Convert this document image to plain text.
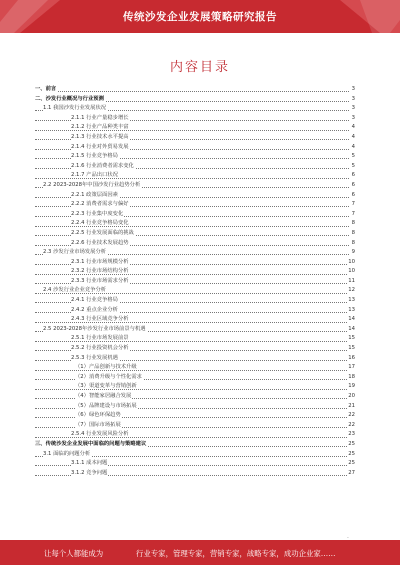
传统沙发企业发展策略研究报告
内容目录
一、前言	3
二、沙发行业概况与行业预测	3
1.1 我国沙发行业发展状况	3
2.1.1 行业产量稳步增长	3
2.1.2 行业产品种类丰富	4
2.1.3 行业技术水平提高	4
2.1.4 行业对外贸易发展	4
2.1.5 行业竞争格局	5
2.1.6 行业消费者需求变化	5
2.1.7 产品出口状况	6
2.2 2023-2028年中国沙发行业趋势分析	6
2.2.1 政策层面因素	6
2.2.2 消费者需求与偏好	7
2.2.3 行业集中度变化	7
2.2.4 行业竞争格局变化	8
2.2.5 行业发展面临的挑战	8
2.2.6 行业技术发展趋势	8
2.3 沙发行业市场发展分析	9
2.3.1 行业市场规模分析	10
2.3.2 行业市场结构分析	10
2.3.3 行业市场需求分析	11
2.4 沙发行业企业竞争分析	12
2.4.1 行业竞争格局	13
2.4.2 重点企业分析	13
2.4.3 行业区域竞争分析	14
2.5 2023-2028年沙发行业市场前景与机遇	14
2.5.1 行业市场发展前景	15
2.5.2 行业投资机会分析	15
2.5.3 行业发展机遇	16
（1）产品创新与技术升级	17
（2）消费升级与个性化需求	18
（3）渠道变革与营销创新	19
（4）智能家居融合发展	20
（5）品牌建设与市场拓展	21
（6）绿色环保趋势	22
（7）国际市场拓展	22
2.5.4 行业发展风险分析	23
三、传统沙发企业发展中面临的问题与策略建议	25
3.1 面临的问题分析	25
3.1.1 成本问题	25
3.1.2 竞争问题	27
·
让每个人都能成为	行业专家，管理专家，营销专家，战略专家，成功企业家……
